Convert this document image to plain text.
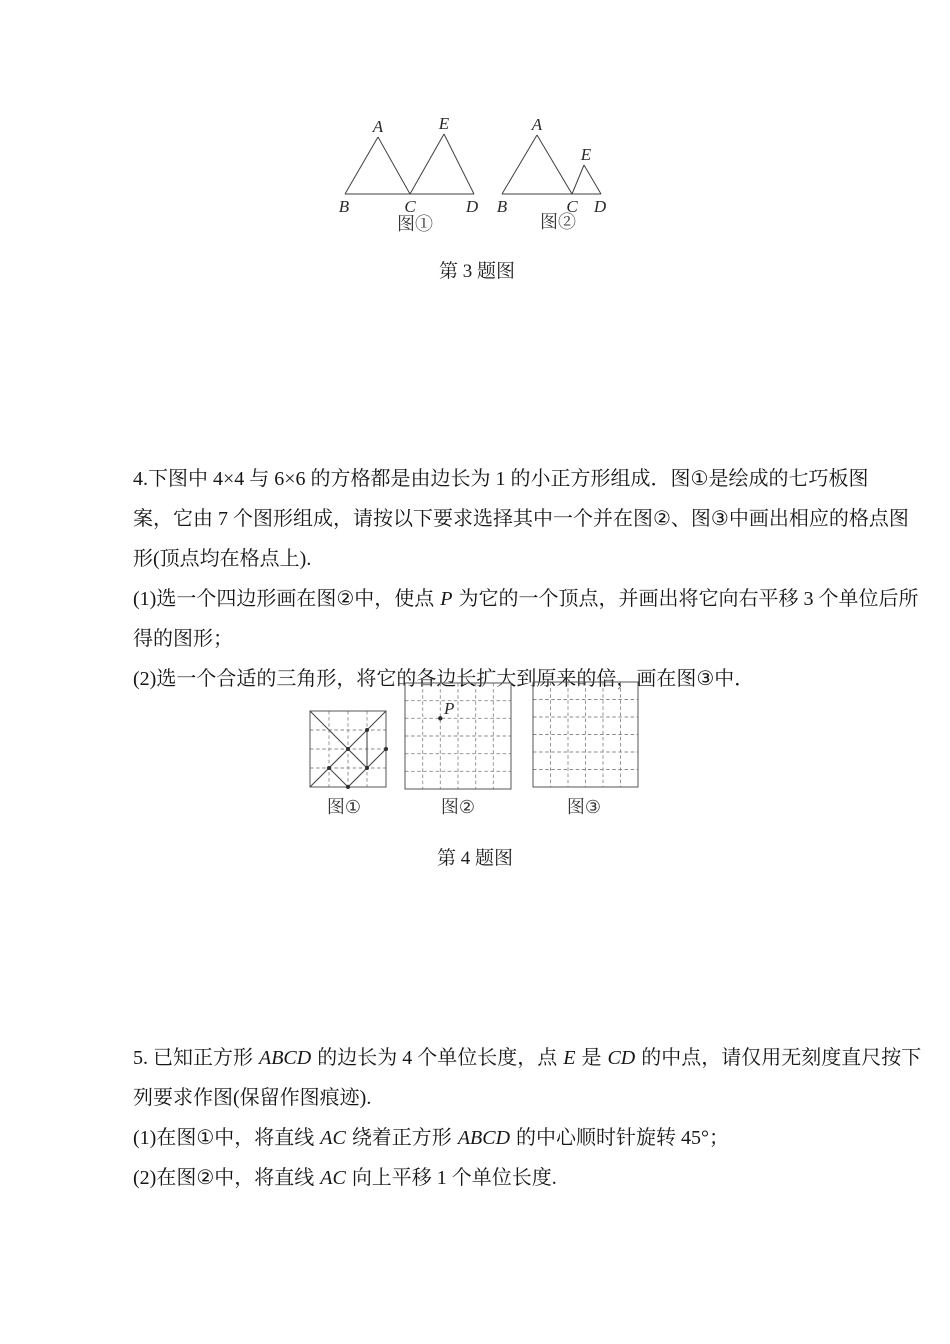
A	E
B	C	D
图①
A
E
B	C D
图②
第 3 题图
4.下图中 4×4 与 6×6 的方格都是由边长为 1 的小正方形组成．图①是绘成的七巧板图
案，它由 7 个图形组成，请按以下要求选择其中一个并在图②、图③中画出相应的格点图
形(顶点均在格点上).
(1)选一个四边形画在图②中，使点 P 为它的一个顶点，并画出将它向右平移 3 个单位后所
得的图形；
(2)选一个合适的三角形，将它的各边长扩大到原来的倍，画在图③中．
P
图①	图②	图③
第 4 题图
5. 已知正方形 ABCD 的边长为 4 个单位长度，点 E 是 CD 的中点，请仅用无刻度直尺按下
列要求作图(保留作图痕迹).
(1)在图①中，将直线 AC 绕着正方形 ABCD 的中心顺时针旋转 45°；
(2)在图②中，将直线 AC 向上平移 1 个单位长度.
